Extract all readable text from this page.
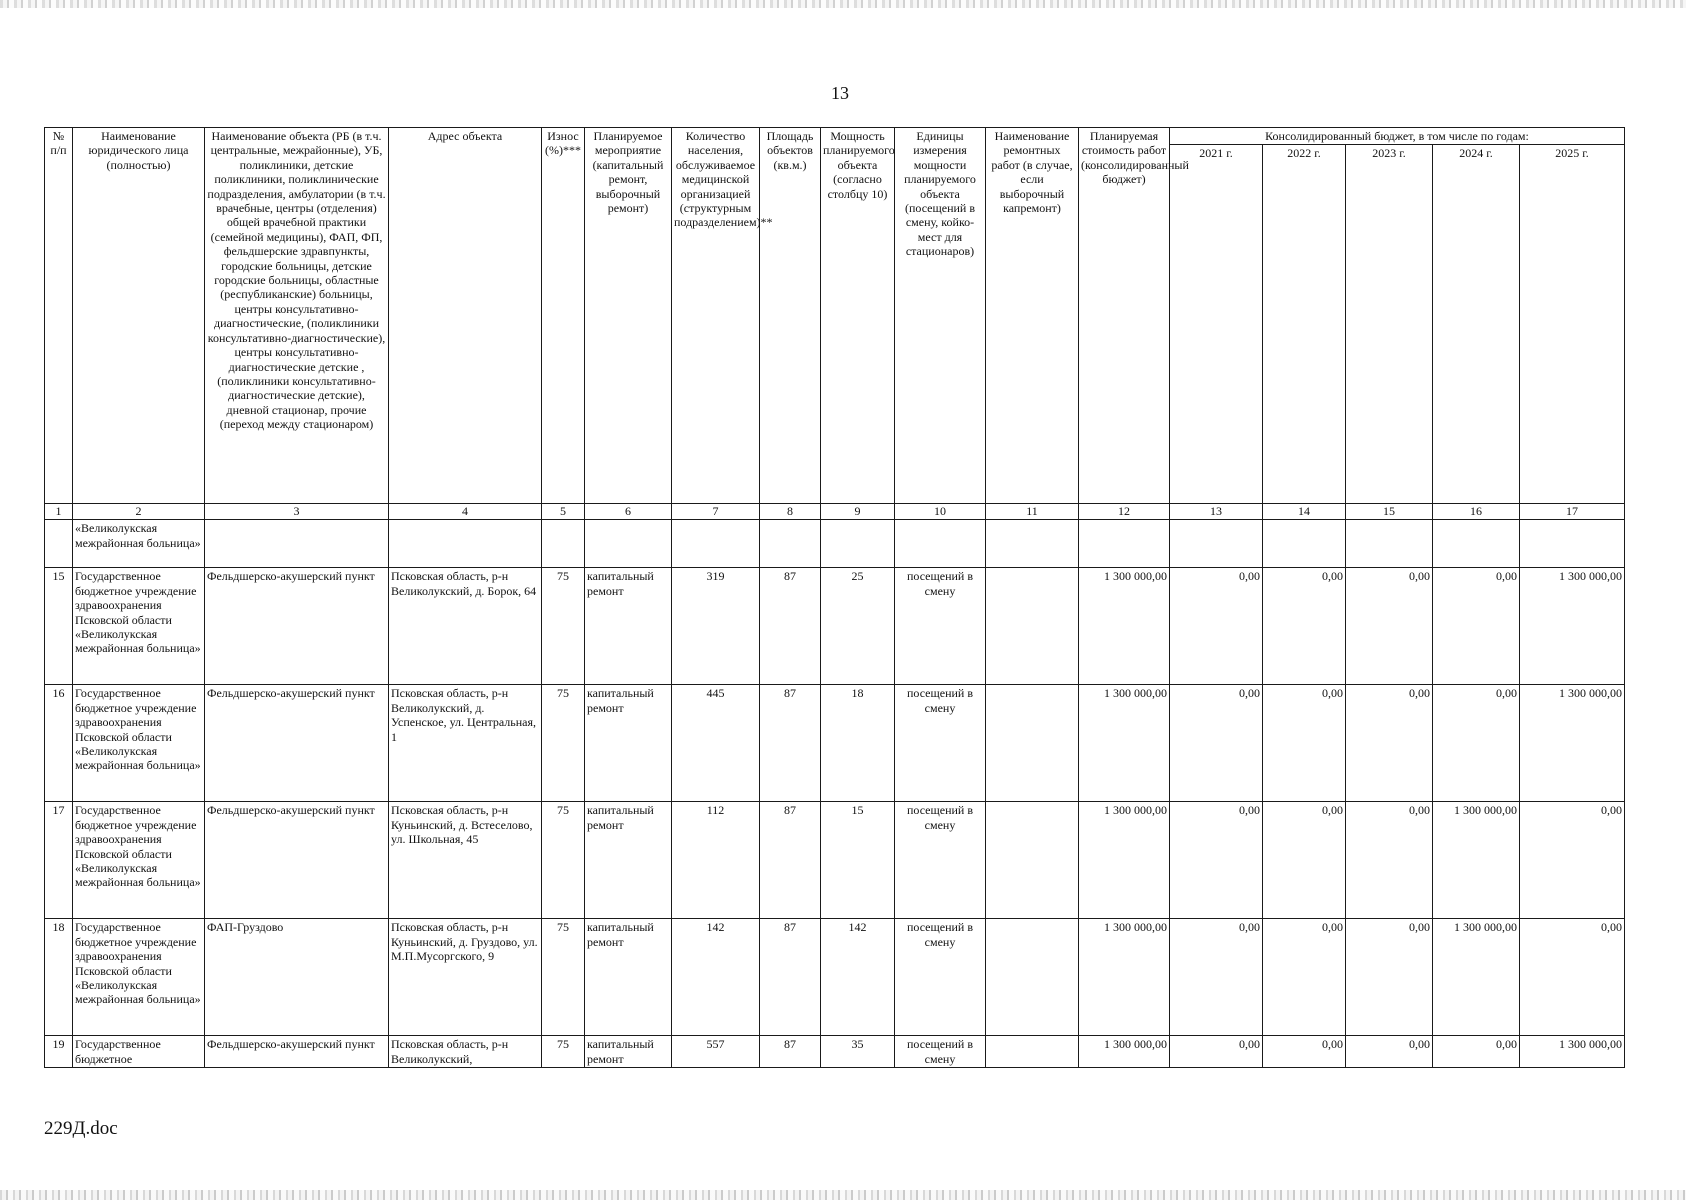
13
№ п/п	Наименование юридического лица (полностью)	Наименование объекта (РБ (в т.ч. центральные, межрайонные), УБ, поликлиники, детские поликлиники, поликлинические подразделения, амбулатории (в т.ч. врачебные, центры (отделения) общей врачебной практики (семейной медицины), ФАП, ФП, фельдшерские здравпункты, городские больницы, детские городские больницы, областные (республиканские) больницы, центры консультативно-диагностические, (поликлиники консультативно-диагностические), центры консультативно-диагностические детские , (поликлиники консультативно-диагностические детские), дневной стационар, прочие (переход между стационаром)	Адрес объекта	Износ (%)***	Планируемое мероприятие (капитальный ремонт, выборочный ремонт)	Количество населения, обслуживаемое медицинской организацией (структурным подразделением)**	Площадь объектов (кв.м.)	Мощность планируемого объекта (согласно столбцу 10)	Единицы измерения мощности планируемого объекта (посещений в смену, койко-мест для стационаров)	Наименование ремонтных работ (в случае, если выборочный капремонт)	Планируемая стоимость работ (консолидированный бюджет)	Консолидированный бюджет, в том числе по годам:				
												2021 г.	2022 г.	2023 г.	2024 г.	2025 г.
1	2	3	4	5	6	7	8	9	10	11	12	13	14	15	16	17
	«Великолукская межрайонная больница»															
15	Государственное бюджетное учреждение здравоохранения Псковской области «Великолукская межрайонная больница»	Фельдшерско-акушерский пункт	Псковская область, р-н Великолукский, д. Борок, 64	75	капитальный ремонт	319	87	25	посещений в смену		1 300 000,00	0,00	0,00	0,00	0,00	1 300 000,00
16	Государственное бюджетное учреждение здравоохранения Псковской области «Великолукская межрайонная больница»	Фельдшерско-акушерский пункт	Псковская область, р-н Великолукский, д. Успенское, ул. Центральная, 1	75	капитальный ремонт	445	87	18	посещений в смену		1 300 000,00	0,00	0,00	0,00	0,00	1 300 000,00
17	Государственное бюджетное учреждение здравоохранения Псковской области «Великолукская межрайонная больница»	Фельдшерско-акушерский пункт	Псковская область, р-н Куньинский, д. Встеселово, ул. Школьная, 45	75	капитальный ремонт	112	87	15	посещений в смену		1 300 000,00	0,00	0,00	0,00	1 300 000,00	0,00
18	Государственное бюджетное учреждение здравоохранения Псковской области «Великолукская межрайонная больница»	ФАП-Груздово	Псковская область, р-н Куньинский, д. Груздово, ул. М.П.Мусоргского, 9	75	капитальный ремонт	142	87	142	посещений в смену		1 300 000,00	0,00	0,00	0,00	1 300 000,00	0,00
19	Государственное бюджетное	Фельдшерско-акушерский пункт	Псковская область, р-н Великолукский,	75	капитальный ремонт	557	87	35	посещений в смену		1 300 000,00	0,00	0,00	0,00	0,00	1 300 000,00
229Д.doc
